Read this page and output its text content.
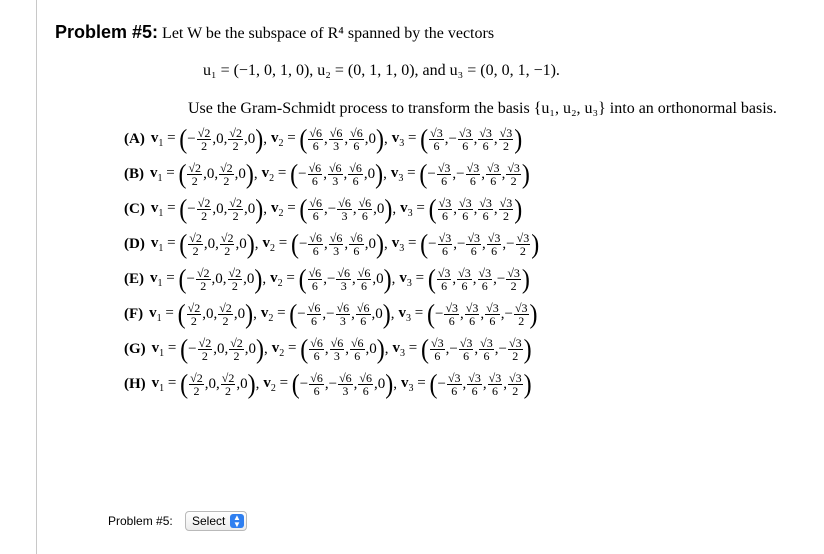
Problem #5: Let W be the subspace of R⁴ spanned by the vectors
u₁ = (−1, 0, 1, 0), u₂ = (0, 1, 1, 0), and u₃ = (0, 0, 1, −1).
Use the Gram-Schmidt process to transform the basis {u₁, u₂, u₃} into an orthonormal basis.
(A) $v_1$ = ( − $\frac{√2}{2}$ , 0 , $\frac{√2}{2}$ , 0 ) , $v_2$ = ( $\frac{√6}{6}$ , $\frac{√6}{3}$ , $\frac{√6}{6}$ , 0 ) , $v_3$ = ( $\frac{√3}{6}$ , − $\frac{√3}{6}$ , $\frac{√3}{6}$ , $\frac{√3}{2}$ )
(B) $v_1$ = ( $\frac{√2}{2}$ , 0 , $\frac{√2}{2}$ , 0 ) , $v_2$ = ( − $\frac{√6}{6}$ , $\frac{√6}{3}$ , $\frac{√6}{6}$ , 0 ) , $v_3$ = ( − $\frac{√3}{6}$ , − $\frac{√3}{6}$ , $\frac{√3}{6}$ , $\frac{√3}{2}$ )
(C) $v_1$ = ( − $\frac{√2}{2}$ , 0 , $\frac{√2}{2}$ , 0 ) , $v_2$ = ( $\frac{√6}{6}$ , − $\frac{√6}{3}$ , $\frac{√6}{6}$ , 0 ) , $v_3$ = ( $\frac{√3}{6}$ , $\frac{√3}{6}$ , $\frac{√3}{6}$ , $\frac{√3}{2}$ )
(D) $v_1$ = ( $\frac{√2}{2}$ , 0 , $\frac{√2}{2}$ , 0 ) , $v_2$ = ( − $\frac{√6}{6}$ , $\frac{√6}{3}$ , $\frac{√6}{6}$ , 0 ) , $v_3$ = ( − $\frac{√3}{6}$ , − $\frac{√3}{6}$ , $\frac{√3}{6}$ , − $\frac{√3}{2}$ )
(E) $v_1$ = ( − $\frac{√2}{2}$ , 0 , $\frac{√2}{2}$ , 0 ) , $v_2$ = ( $\frac{√6}{6}$ , − $\frac{√6}{3}$ , $\frac{√6}{6}$ , 0 ) , $v_3$ = ( $\frac{√3}{6}$ , $\frac{√3}{6}$ , $\frac{√3}{6}$ , − $\frac{√3}{2}$ )
(F) $v_1$ = ( $\frac{√2}{2}$ , 0 , $\frac{√2}{2}$ , 0 ) , $v_2$ = ( − $\frac{√6}{6}$ , − $\frac{√6}{3}$ , $\frac{√6}{6}$ , 0 ) , $v_3$ = ( − $\frac{√3}{6}$ , $\frac{√3}{6}$ , $\frac{√3}{6}$ , − $\frac{√3}{2}$ )
(G) $v_1$ = ( − $\frac{√2}{2}$ , 0 , $\frac{√2}{2}$ , 0 ) , $v_2$ = ( $\frac{√6}{6}$ , $\frac{√6}{3}$ , $\frac{√6}{6}$ , 0 ) , $v_3$ = ( $\frac{√3}{6}$ , − $\frac{√3}{6}$ , $\frac{√3}{6}$ , − $\frac{√3}{2}$ )
(H) $v_1$ = ( $\frac{√2}{2}$ , 0 , $\frac{√2}{2}$ , 0 ) , $v_2$ = ( − $\frac{√6}{6}$ , − $\frac{√6}{3}$ , $\frac{√6}{6}$ , 0 ) , $v_3$ = ( − $\frac{√3}{6}$ , $\frac{√3}{6}$ , $\frac{√3}{6}$ , $\frac{√3}{2}$ )
Problem #5: Select ▲
▼
